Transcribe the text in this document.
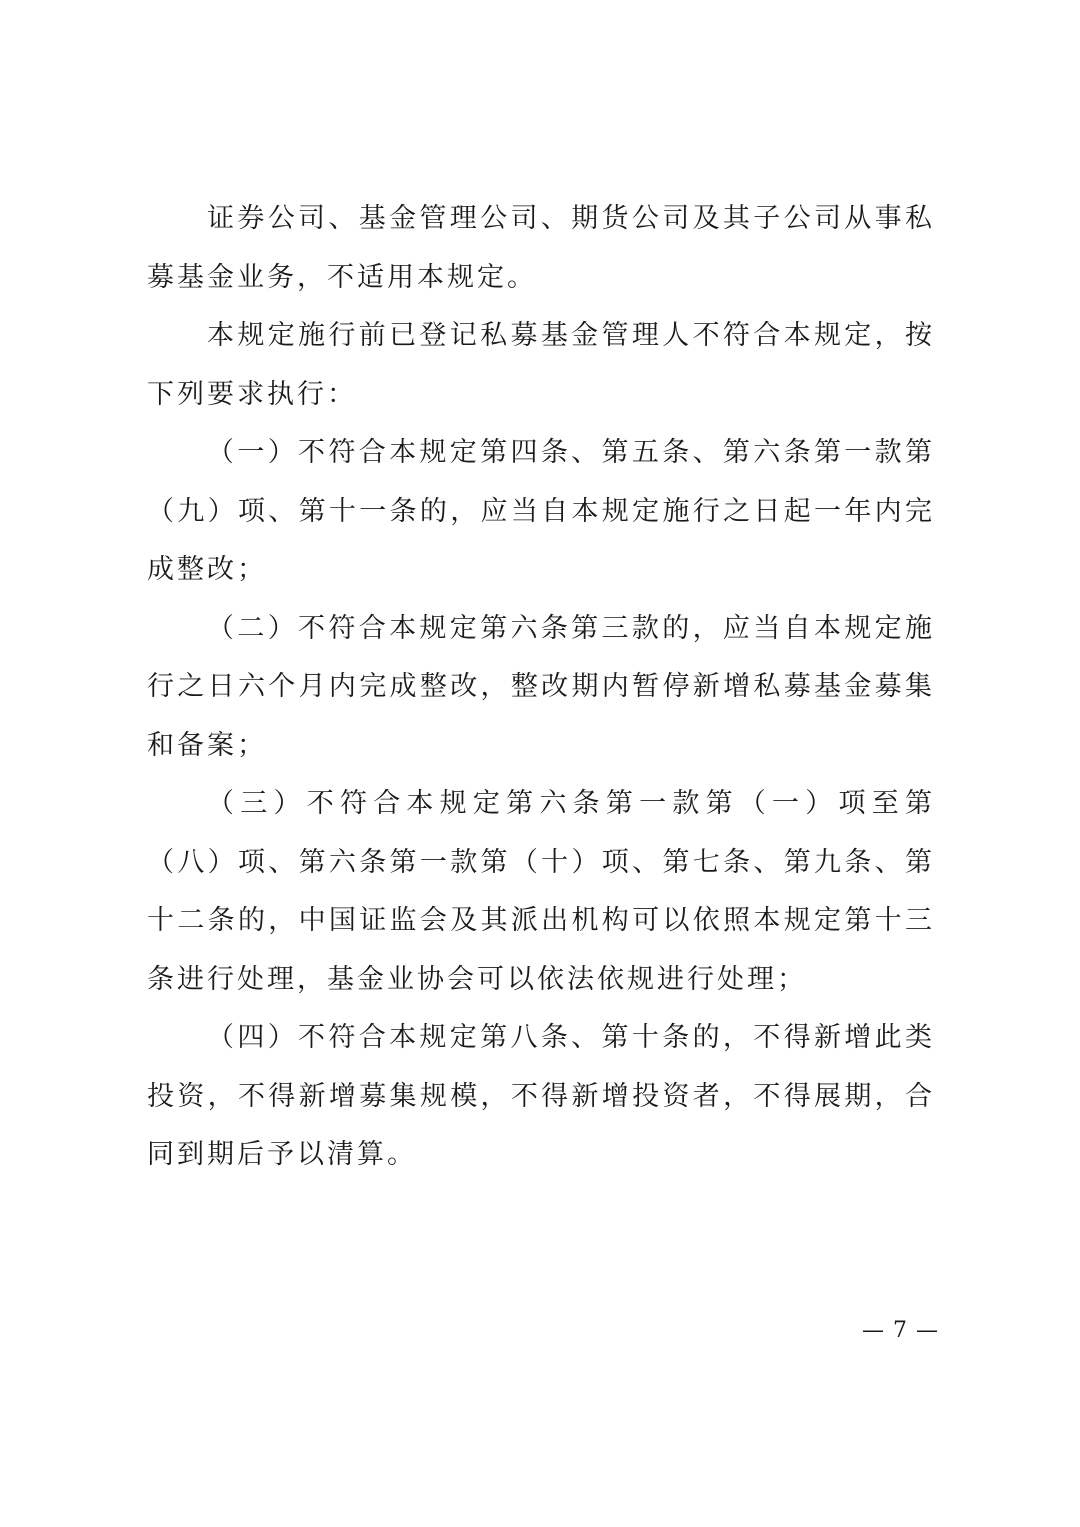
证券公司、基金管理公司、期货公司及其子公司从事私募基金业务，不适用本规定。

本规定施行前已登记私募基金管理人不符合本规定，按下列要求执行：

（一）不符合本规定第四条、第五条、第六条第一款第（九）项、第十一条的，应当自本规定施行之日起一年内完成整改；

（二）不符合本规定第六条第三款的，应当自本规定施行之日六个月内完成整改，整改期内暂停新增私募基金募集和备案；

（三）不符合本规定第六条第一款第（一）项至第（八）项、第六条第一款第（十）项、第七条、第九条、第十二条的，中国证监会及其派出机构可以依照本规定第十三条进行处理，基金业协会可以依法依规进行处理；

（四）不符合本规定第八条、第十条的，不得新增此类投资，不得新增募集规模，不得新增投资者，不得展期，合同到期后予以清算。

— 7 —
